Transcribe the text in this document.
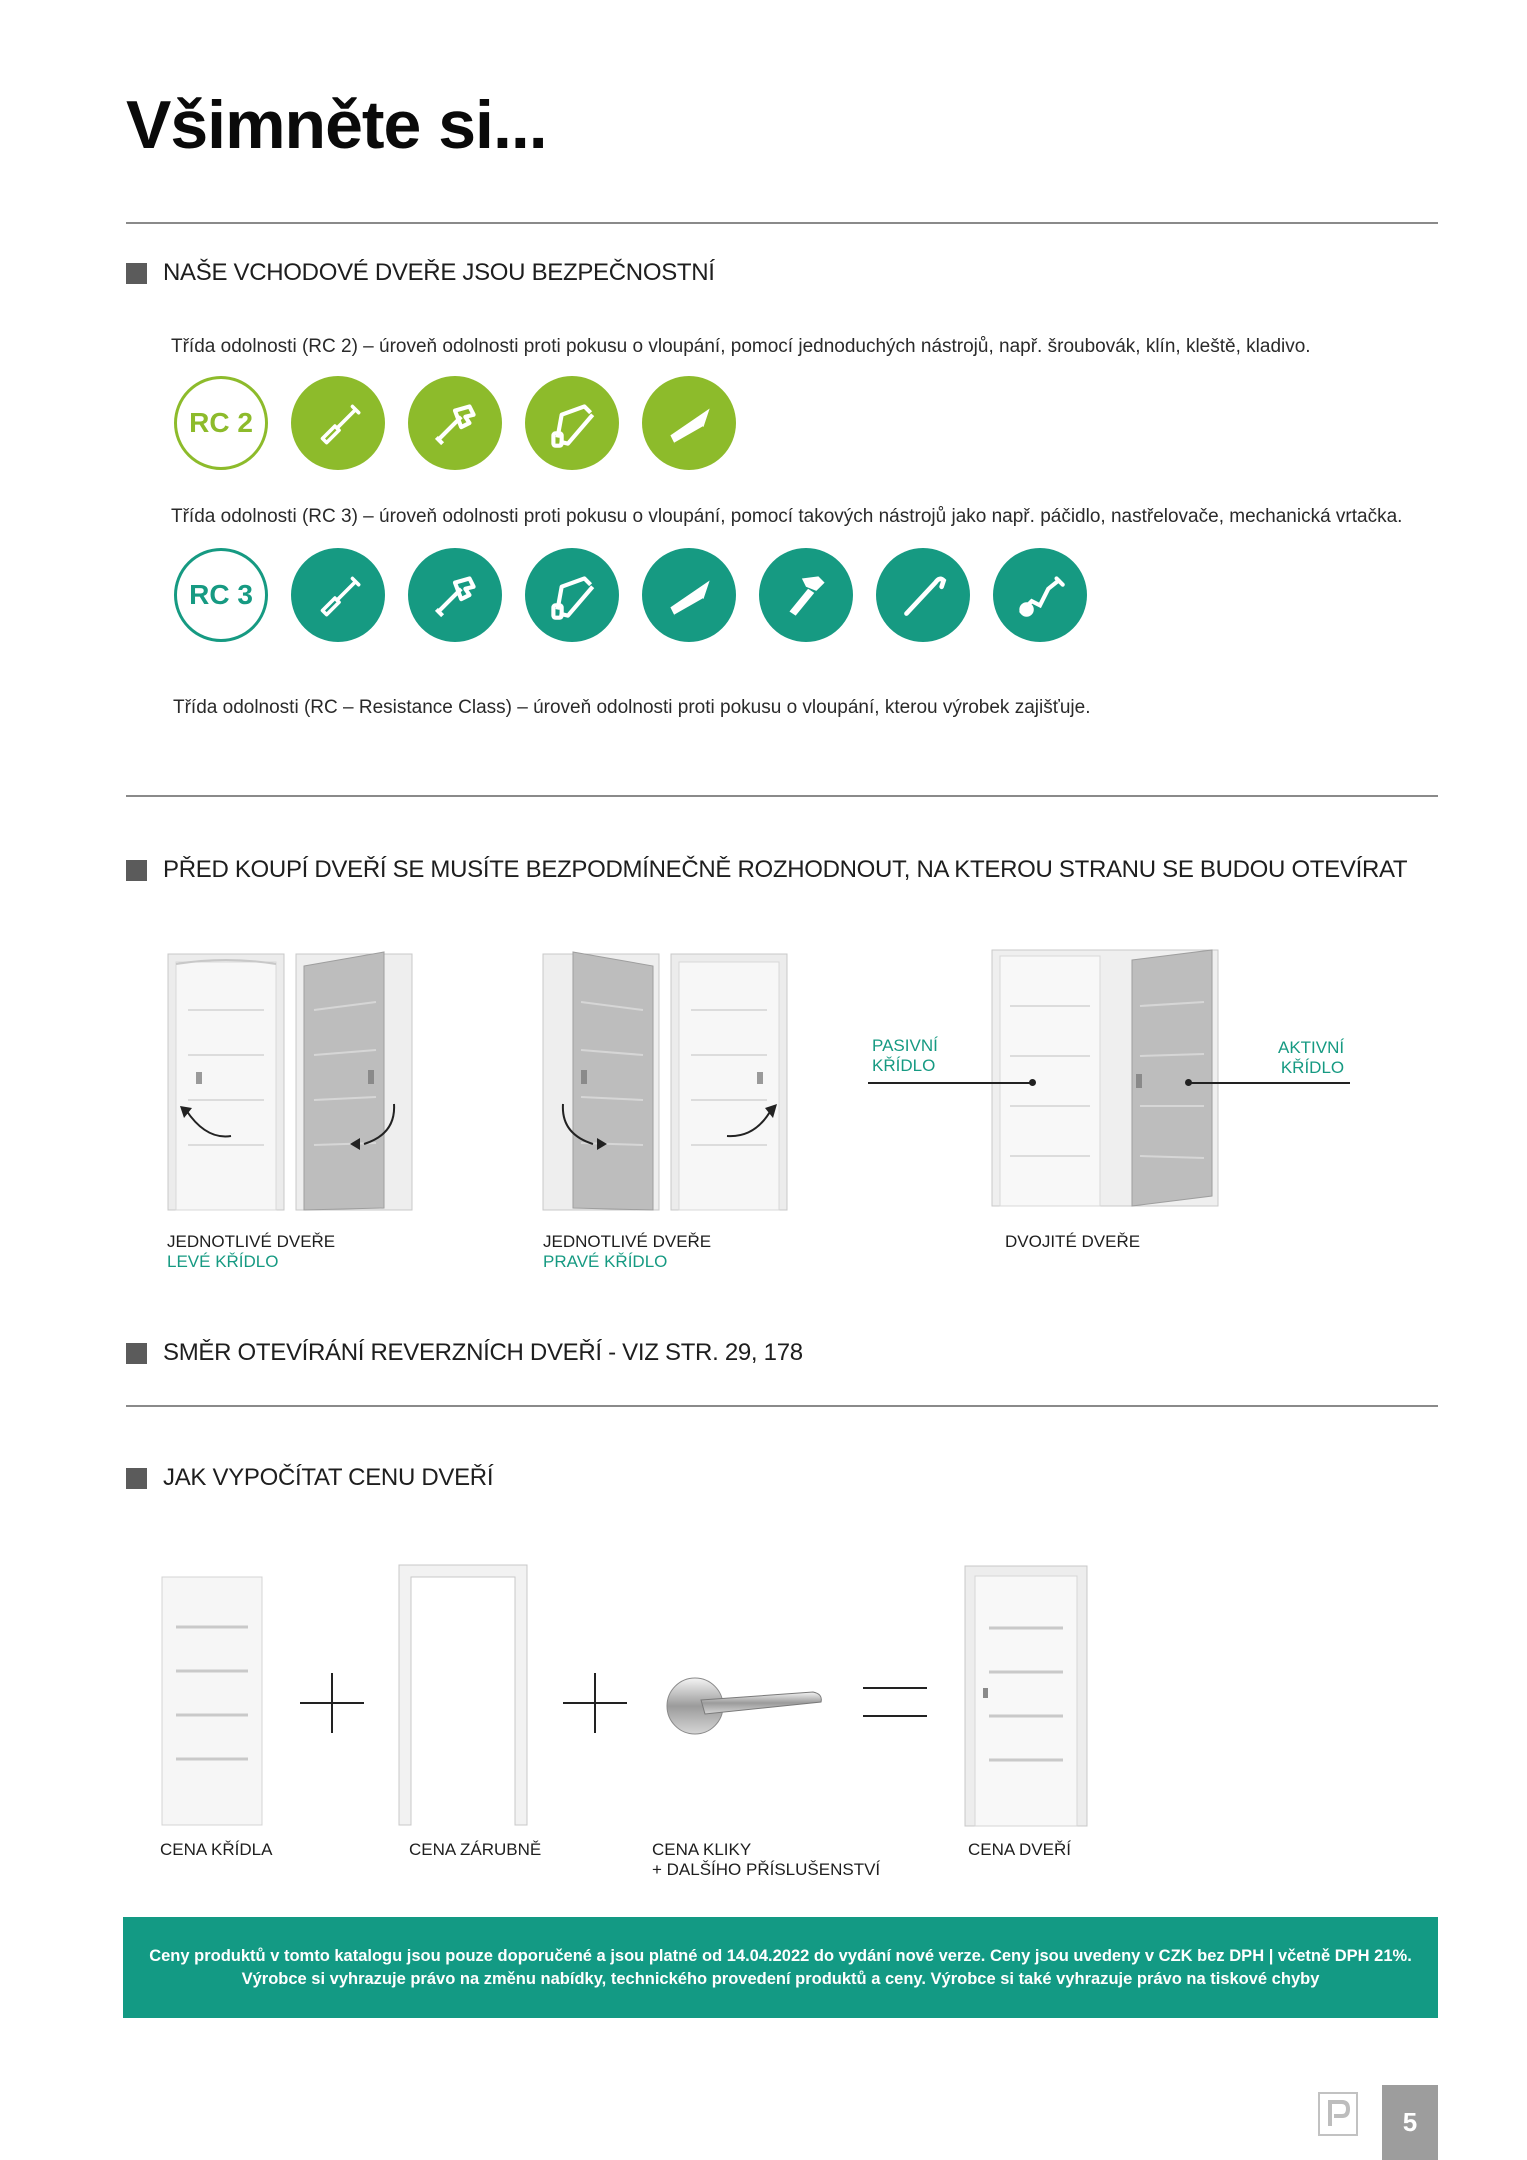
Všimněte si...
NAŠE VCHODOVÉ DVEŘE JSOU BEZPEČNOSTNÍ
Třída odolnosti (RC 2) – úroveň odolnosti proti pokusu o vloupání, pomocí jednoduchých nástrojů, např. šroubovák, klín, kleště, kladivo.
RC 2
Třída odolnosti (RC 3) – úroveň odolnosti proti pokusu o vloupání, pomocí takových nástrojů jako např. páčidlo, nastřelovače, mechanická vrtačka.
RC 3
Třída odolnosti (RC – Resistance Class) – úroveň odolnosti proti pokusu o vloupání, kterou výrobek zajišťuje.
PŘED KOUPÍ DVEŘÍ SE MUSÍTE BEZPODMÍNEČNĚ ROZHODNOUT, NA KTEROU STRANU SE BUDOU OTEVÍRAT
JEDNOTLIVÉ DVEŘE
LEVÉ KŘÍDLO
JEDNOTLIVÉ DVEŘE
PRAVÉ KŘÍDLO
PASIVNÍ
KŘÍDLO
AKTIVNÍ
KŘÍDLO
DVOJITÉ DVEŘE
SMĚR OTEVÍRÁNÍ REVERZNÍCH DVEŘÍ - VIZ STR. 29, 178
JAK VYPOČÍTAT CENU DVEŘÍ
CENA KŘÍDLA	CENA ZÁRUBNĚ	CENA KLIKY
+ DALŠÍHO PŘÍSLUŠENSTVÍ
CENA DVEŘÍ
Ceny produktů v tomto katalogu jsou pouze doporučené a jsou platné od 14.04.2022 do vydání nové verze. Ceny jsou uvedeny v CZK bez DPH | včetně DPH 21%.
Výrobce si vyhrazuje právo na změnu nabídky, technického provedení produktů a ceny. Výrobce si také vyhrazuje právo na tiskové chyby
5
